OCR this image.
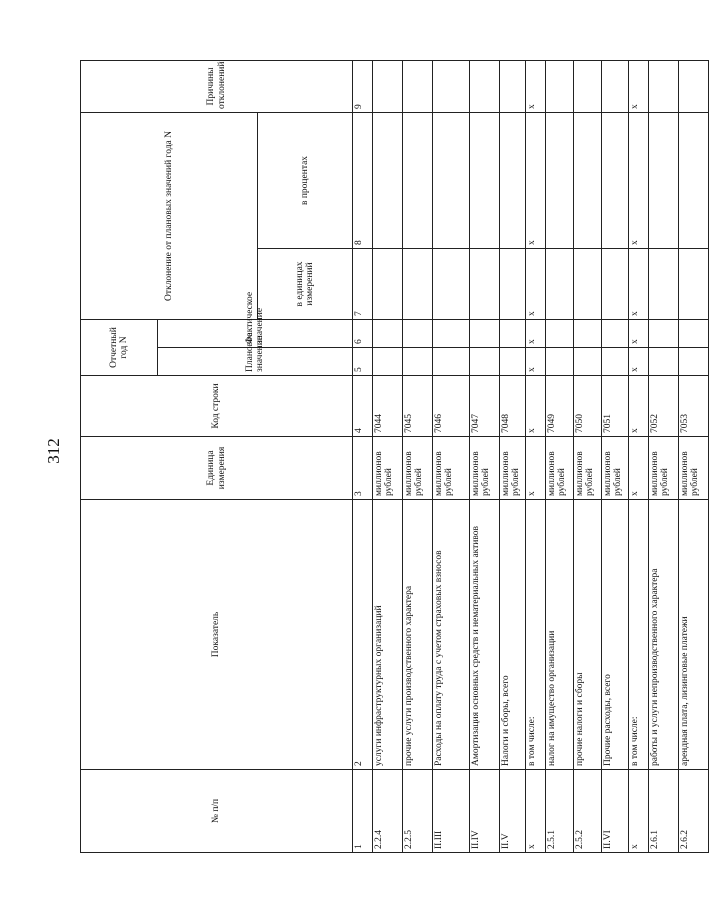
312
№ п/п	Показатель	Единица измерения	Код строки	Отчетный год N		Отклонение от плановых значений года N		Причины отклонений
				Плановое значение	Фактическое значение			
						в единицах измерений	в процентах	
1	2	3	4	5	6	7	8	9
2.2.4	услуги инфраструктурных организаций	миллионов рублей	7044					
2.2.5	прочие услуги производственного характера	миллионов рублей	7045					
II.III	Расходы на оплату труда с учетом страховых взносов	миллионов рублей	7046					
II.IV	Амортизация основных средств и нематериальных активов	миллионов рублей	7047					
II.V	Налоги и сборы, всего	миллионов рублей	7048					
x	в том числе:	x	x	x	x	x	x	x
2.5.1	налог на имущество организации	миллионов рублей	7049					
2.5.2	прочие налоги и сборы	миллионов рублей	7050					
II.VI	Прочие расходы, всего	миллионов рублей	7051					
x	в том числе:	x	x	x	x	x	x	x
2.6.1	работы и услуги непроизводственного характера	миллионов рублей	7052					
2.6.2	арендная плата, лизинговые платежи	миллионов рублей	7053					
